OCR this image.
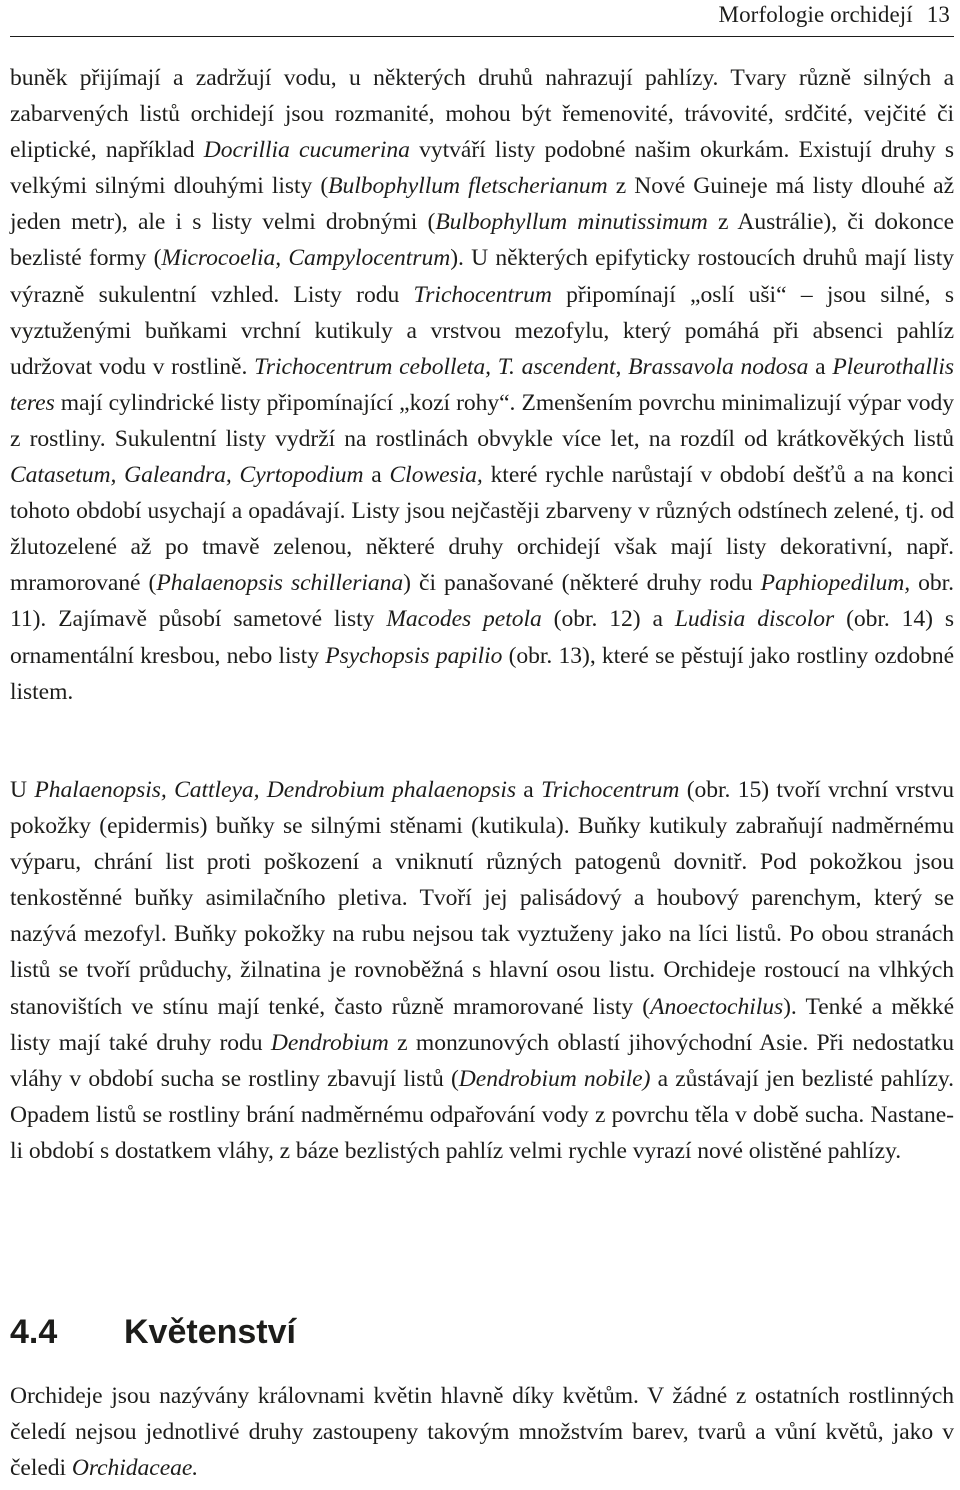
Morfologie orchidejí 13

buněk přijímají a zadržují vodu, u některých druhů nahrazují pahlízy. Tvary různě silných a zabarvených listů orchidejí jsou rozmanité, mohou být řemenovité, trávovité, srdčité, vejčité či eliptické, například Docrillia cucumerina vytváří listy podobné našim okurkám. Existují druhy s velkými silnými dlouhými listy (Bulbophyllum fletscherianum z Nové Guineje má listy dlouhé až jeden metr), ale i s listy velmi drobnými (Bulbophyllum minutissimum z Austrálie), či dokonce bezlisté formy (Microcoelia, Campylocentrum). U některých epifyticky rostoucích druhů mají listy výrazně sukulentní vzhled. Listy rodu Trichocentrum připomínají „oslí uši“ – jsou silné, s vyztuženými buňkami vrchní kutikuly a vrstvou mezofylu, který pomáhá při absenci pahlíz udržovat vodu v rostlině. Trichocentrum cebolleta, T. ascendent, Brassavola nodosa a Pleurothallis teres mají cylindrické listy připomínající „kozí rohy“. Zmenšením povrchu minimalizují výpar vody z rostliny. Sukulentní listy vydrží na rostlinách obvykle více let, na rozdíl od krátkověkých listů Catasetum, Galeandra, Cyrtopodium a Clowesia, které rychle narůstají v období dešťů a na konci tohoto období usychají a opadávají. Listy jsou nejčastěji zbarveny v různých odstínech zelené, tj. od žlutozelené až po tmavě zelenou, některé druhy orchidejí však mají listy dekorativní, např. mramorované (Phalaenopsis schilleriana) či panašované (některé druhy rodu Paphiopedilum, obr. 11). Zajímavě působí sametové listy Macodes petola (obr. 12) a Ludisia discolor (obr. 14) s ornamentální kresbou, nebo listy Psychopsis papilio (obr. 13), které se pěstují jako rostliny ozdobné listem.

U Phalaenopsis, Cattleya, Dendrobium phalaenopsis a Trichocentrum (obr. 15) tvoří vrchní vrstvu pokožky (epidermis) buňky se silnými stěnami (kutikula). Buňky kutikuly zabraňují nadměrnému výparu, chrání list proti poškození a vniknutí různých patogenů dovnitř. Pod pokožkou jsou tenkostěnné buňky asimilačního pletiva. Tvoří jej palisádový a houbový parenchym, který se nazývá mezofyl. Buňky pokožky na rubu nejsou tak vyztuženy jako na líci listů. Po obou stranách listů se tvoří průduchy, žilnatina je rovnoběžná s hlavní osou listu. Orchideje rostoucí na vlhkých stanovištích ve stínu mají tenké, často různě mramorované listy (Anoectochilus). Tenké a měkké listy mají také druhy rodu Dendrobium z monzunových oblastí jihovýchodní Asie. Při nedostatku vláhy v období sucha se rostliny zbavují listů (Dendrobium nobile) a zůstávají jen bezlisté pahlízy. Opadem listů se rostliny brání nadměrnému odpařování vody z povrchu těla v době sucha. Nastane-li období s dostatkem vláhy, z báze bezlistých pahlíz velmi rychle vyrazí nové olistěné pahlízy.

4.4 Květenství

Orchideje jsou nazývány královnami květin hlavně díky květům. V žádné z ostatních rostlinných čeledí nejsou jednotlivé druhy zastoupeny takovým množstvím barev, tvarů a vůní květů, jako v čeledi Orchidaceae.
